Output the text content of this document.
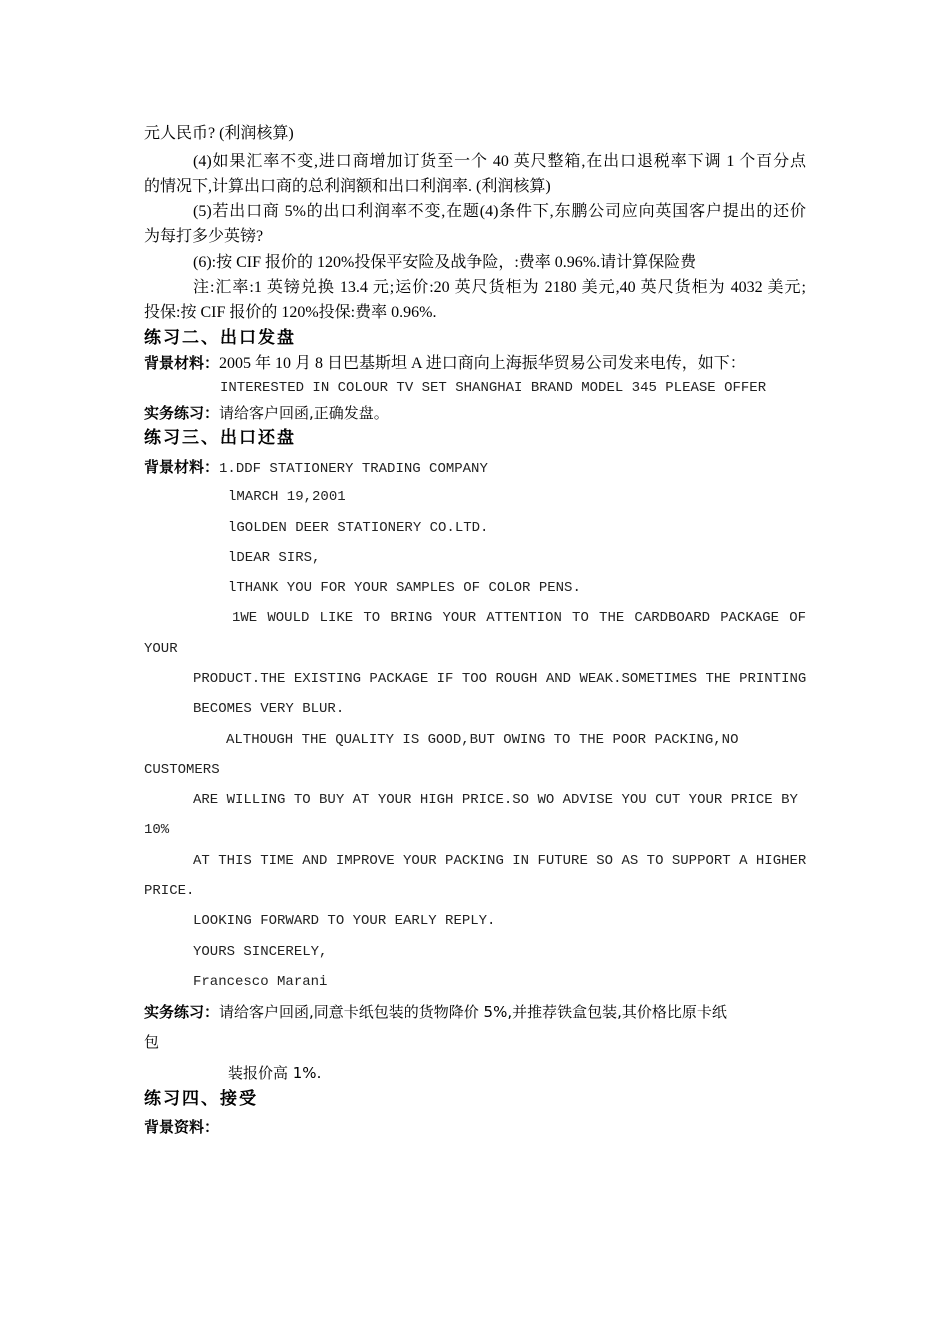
元人民币? (利润核算)
(4)如果汇率不变,进口商增加订货至一个 40 英尺整箱,在出口退税率下调 1 个百分点
的情况下,计算出口商的总利润额和出口利润率. (利润核算)
(5)若出口商 5%的出口利润率不变,在题(4)条件下,东鹏公司应向英国客户提出的还价
为每打多少英镑?
(6):按 CIF 报价的 120%投保平安险及战争险，:费率 0.96%.请计算保险费
注:汇率:1 英镑兑换 13.4 元;运价:20 英尺货柜为 2180 美元,40 英尺货柜为 4032 美元;
投保:按 CIF 报价的 120%投保:费率 0.96%.
练习二、出口发盘
背景材料：2005 年 10 月 8 日巴基斯坦 A 进口商向上海振华贸易公司发来电传，如下：
INTERESTED IN COLOUR TV SET SHANGHAI BRAND MODEL 345 PLEASE OFFER
实务练习：请给客户回函,正确发盘。
练习三、出口还盘
背景材料：1.DDF STATIONERY TRADING COMPANY
lMARCH 19,2001
lGOLDEN DEER STATIONERY CO.LTD.
lDEAR SIRS,
lTHANK YOU FOR YOUR SAMPLES OF COLOR PENS.
1WE WOULD LIKE TO BRING YOUR ATTENTION TO THE CARDBOARD PACKAGE OF
YOUR
PRODUCT.THE EXISTING PACKAGE IF TOO ROUGH AND WEAK.SOMETIMES THE PRINTING
BECOMES VERY BLUR.
ALTHOUGH THE QUALITY IS GOOD,BUT OWING TO THE POOR PACKING,NO
CUSTOMERS
ARE WILLING TO BUY AT YOUR HIGH PRICE.SO WO ADVISE YOU CUT YOUR PRICE BY
10%
AT THIS TIME AND IMPROVE YOUR PACKING IN FUTURE SO AS TO SUPPORT A HIGHER
PRICE.
LOOKING FORWARD TO YOUR EARLY REPLY.
YOURS SINCERELY,
Francesco Marani
实务练习：请给客户回函,同意卡纸包装的货物降价 5%,并推荐铁盒包装,其价格比原卡纸
包
装报价高 1%.
练习四、接受
背景资料：
